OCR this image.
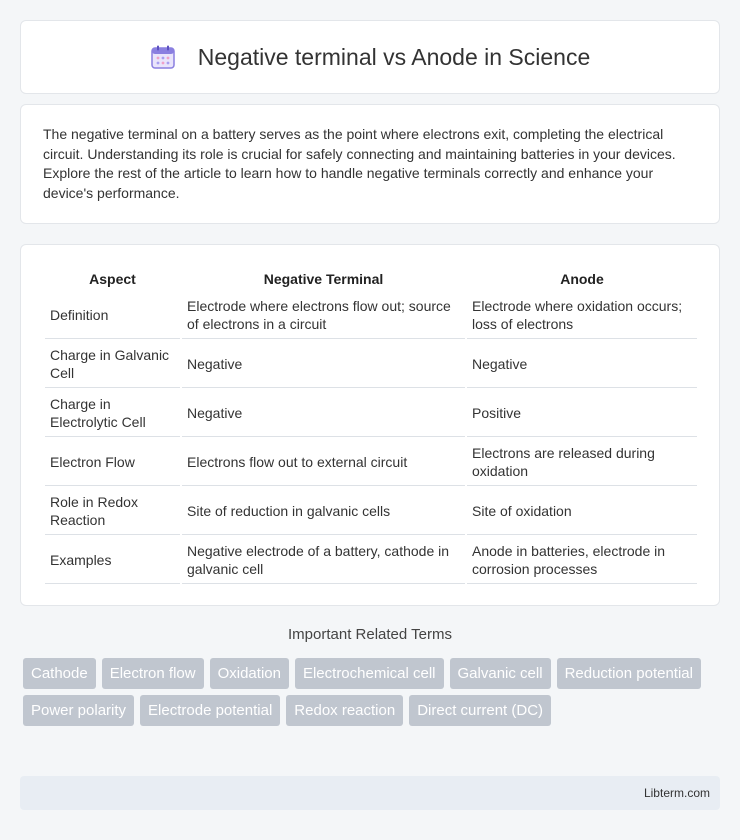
Negative terminal vs Anode in Science

The negative terminal on a battery serves as the point where electrons exit, completing the electrical circuit. Understanding its role is crucial for safely connecting and maintaining batteries in your devices. Explore the rest of the article to learn how to handle negative terminals correctly and enhance your device's performance.

Aspect	Negative Terminal	Anode
Definition	Electrode where electrons flow out; source of electrons in a circuit	Electrode where oxidation occurs; loss of electrons
Charge in Galvanic Cell	Negative	Negative
Charge in Electrolytic Cell	Negative	Positive
Electron Flow	Electrons flow out to external circuit	Electrons are released during oxidation
Role in Redox Reaction	Site of reduction in galvanic cells	Site of oxidation
Examples	Negative electrode of a battery, cathode in galvanic cell	Anode in batteries, electrode in corrosion processes
Important Related Terms
Cathode	Electron flow	Oxidation	Electrochemical cell	Galvanic cell	Reduction potential
Power polarity	Electrode potential	Redox reaction	Direct current (DC)
Libterm.com
